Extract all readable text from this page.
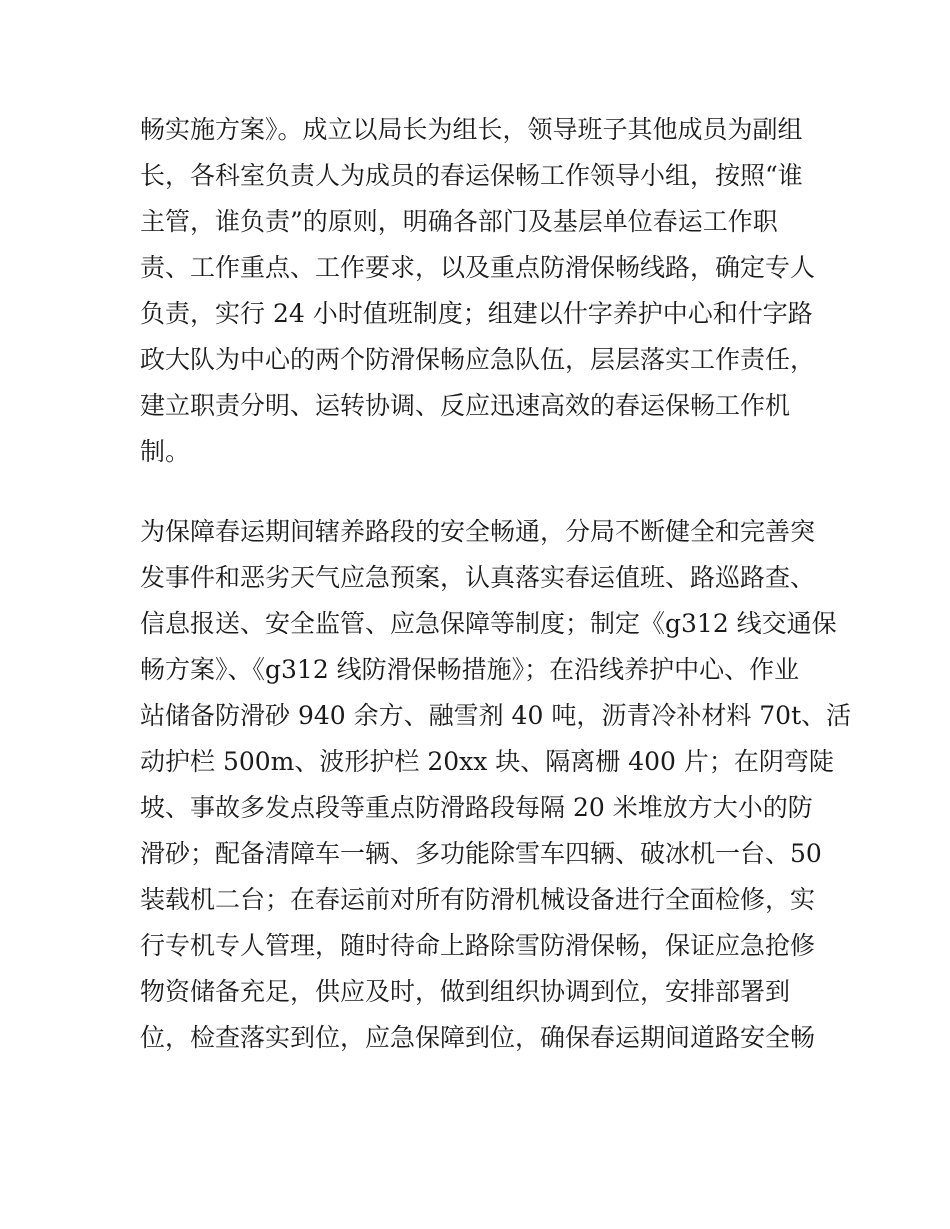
畅实施方案》。成立以局长为组长，领导班子其他成员为副组
长，各科室负责人为成员的春运保畅工作领导小组，按照“谁
主管，谁负责”的原则，明确各部门及基层单位春运工作职
责、工作重点、工作要求，以及重点防滑保畅线路，确定专人
负责，实行 24 小时值班制度；组建以什字养护中心和什字路
政大队为中心的两个防滑保畅应急队伍，层层落实工作责任，
建立职责分明、运转协调、反应迅速高效的春运保畅工作机
制。
为保障春运期间辖养路段的安全畅通，分局不断健全和完善突
发事件和恶劣天气应急预案，认真落实春运值班、路巡路查、
信息报送、安全监管、应急保障等制度；制定《g312 线交通保
畅方案》、《g312 线防滑保畅措施》；在沿线养护中心、作业
站储备防滑砂 940 余方、融雪剂 40 吨，沥青冷补材料 70t、活
动护栏 500m、波形护栏 20xx 块、隔离栅 400 片；在阴弯陡
坡、事故多发点段等重点防滑路段每隔 20 米堆放方大小的防
滑砂；配备清障车一辆、多功能除雪车四辆、破冰机一台、50
装载机二台；在春运前对所有防滑机械设备进行全面检修，实
行专机专人管理，随时待命上路除雪防滑保畅，保证应急抢修
物资储备充足，供应及时，做到组织协调到位，安排部署到
位，检查落实到位，应急保障到位，确保春运期间道路安全畅
